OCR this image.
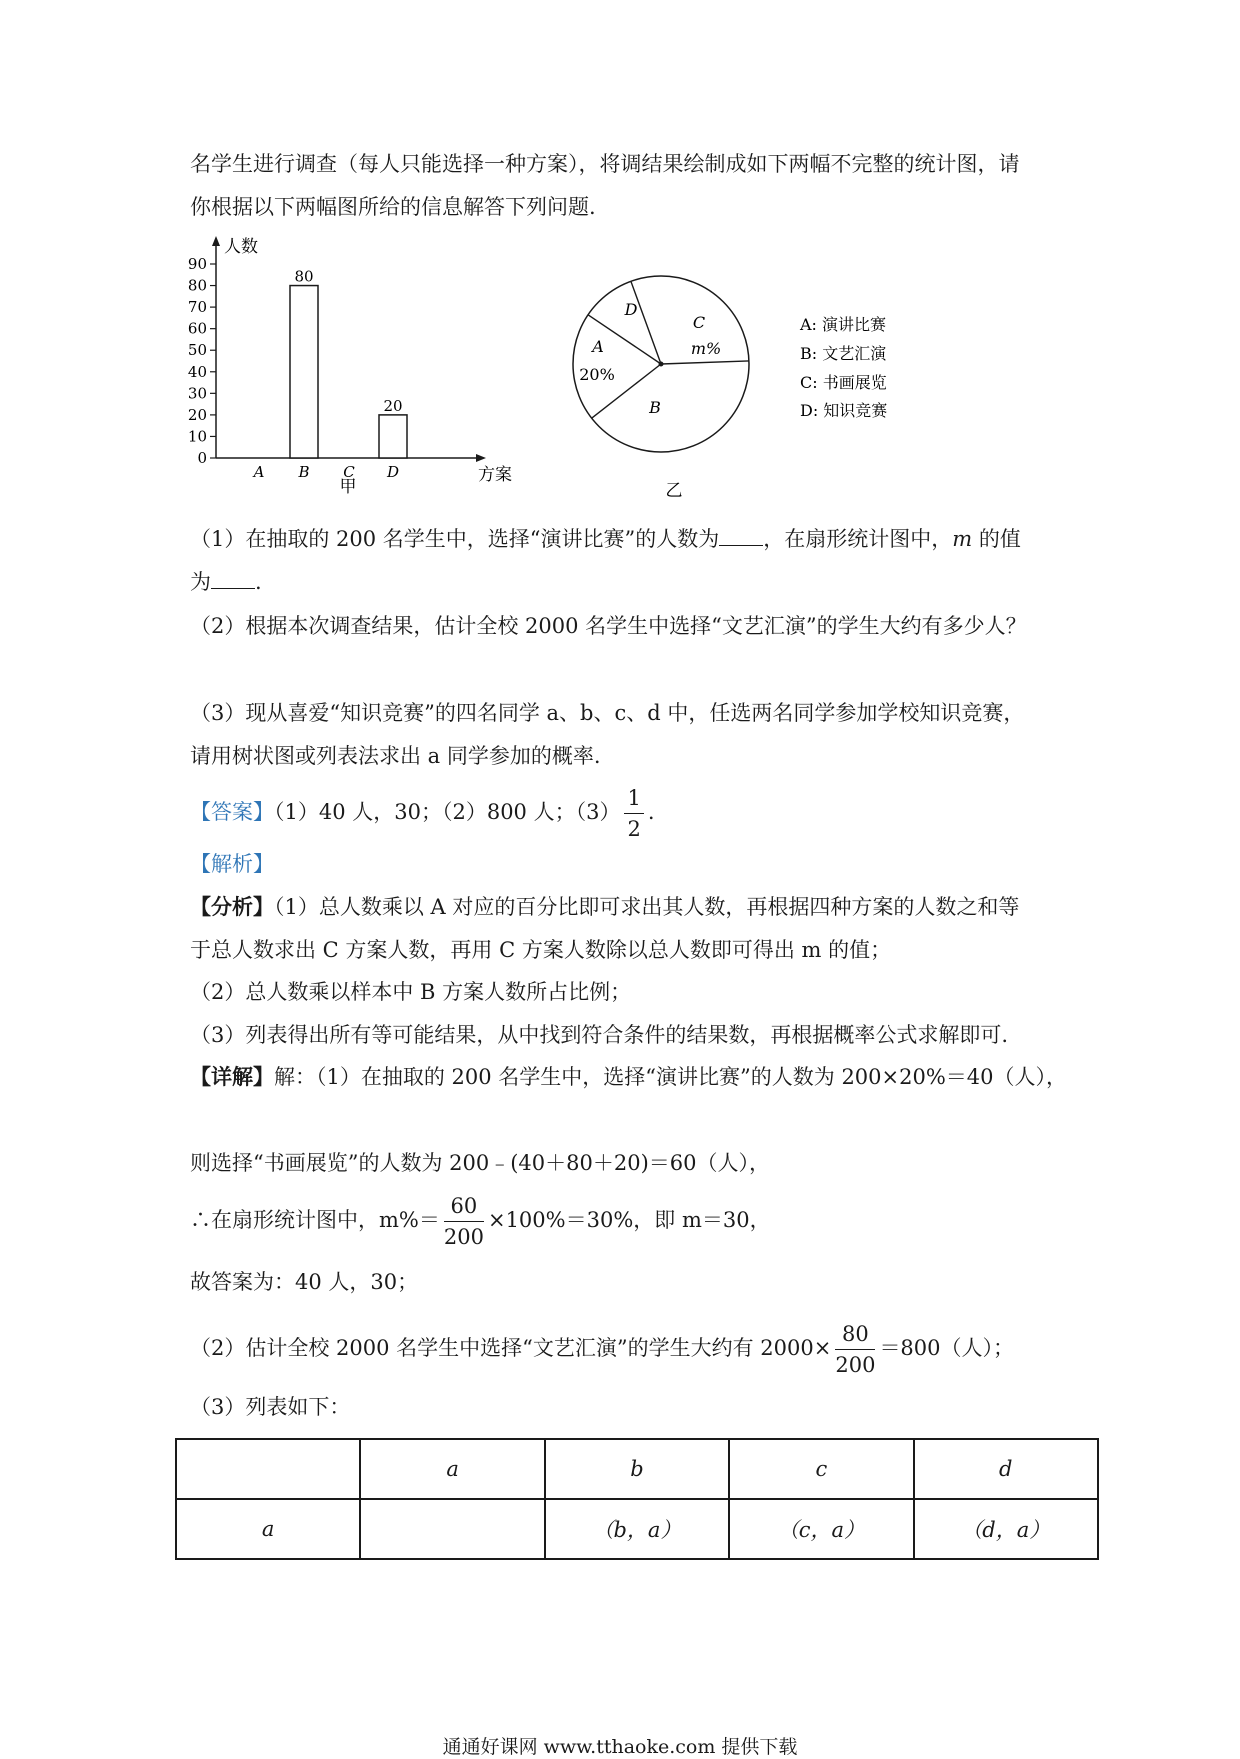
名学生进行调查（每人只能选择一种方案），将调结果绘制成如下两幅不完整的统计图，请
你根据以下两幅图所给的信息解答下列问题.
人数
方案
甲
0
10
20
30
40
50
60
70
80
90
A B
80
C D
20
A
20%
B
C
m%
D
乙
A: 演讲比赛
B: 文艺汇演
C: 书画展览
D: 知识竞赛
（1）在抽取的 200 名学生中，选择“演讲比赛”的人数为 ，在扇形统计图中，m 的值
为 .
（2）根据本次调查结果，估计全校 2000 名学生中选择“文艺汇演”的学生大约有多少人？
（3）现从喜爱“知识竞赛”的四名同学 a、b、c、d 中，任选两名同学参加学校知识竞赛，
请用树状图或列表法求出 a 同学参加的概率.
【答案】（1）40 人，30；（2）800 人；$(3) \frac{1}{2}$ .
【解析】
【分析】（1）总人数乘以 A 对应的百分比即可求出其人数，再根据四种方案的人数之和等
于总人数求出 C 方案人数，再用 C 方案人数除以总人数即可得出 m 的值；
（2）总人数乘以样本中 B 方案人数所占比例；
（3）列表得出所有等可能结果，从中找到符合条件的结果数，再根据概率公式求解即可.
【详解】解：（1）在抽取的 200 名学生中，选择“演讲比赛”的人数为 200×20%＝40（人），
则选择“书画展览”的人数为 200﹣(40＋80＋20)＝60（人），
∴在扇形统计图中，$m\%= \frac{60}{200} \times 100\%=30\%$，即 m＝30，
故答案为：40 人，30；
（2）估计全校 2000 名学生中选择“文艺汇演”的学生大约有 $2000\times \frac{80}{200} =800$（人）；
（3）列表如下：
	a	b	c	d
a		（b，a）	（c，a）	（d，a）
通通好课网 www.tthaoke.com 提供下载
